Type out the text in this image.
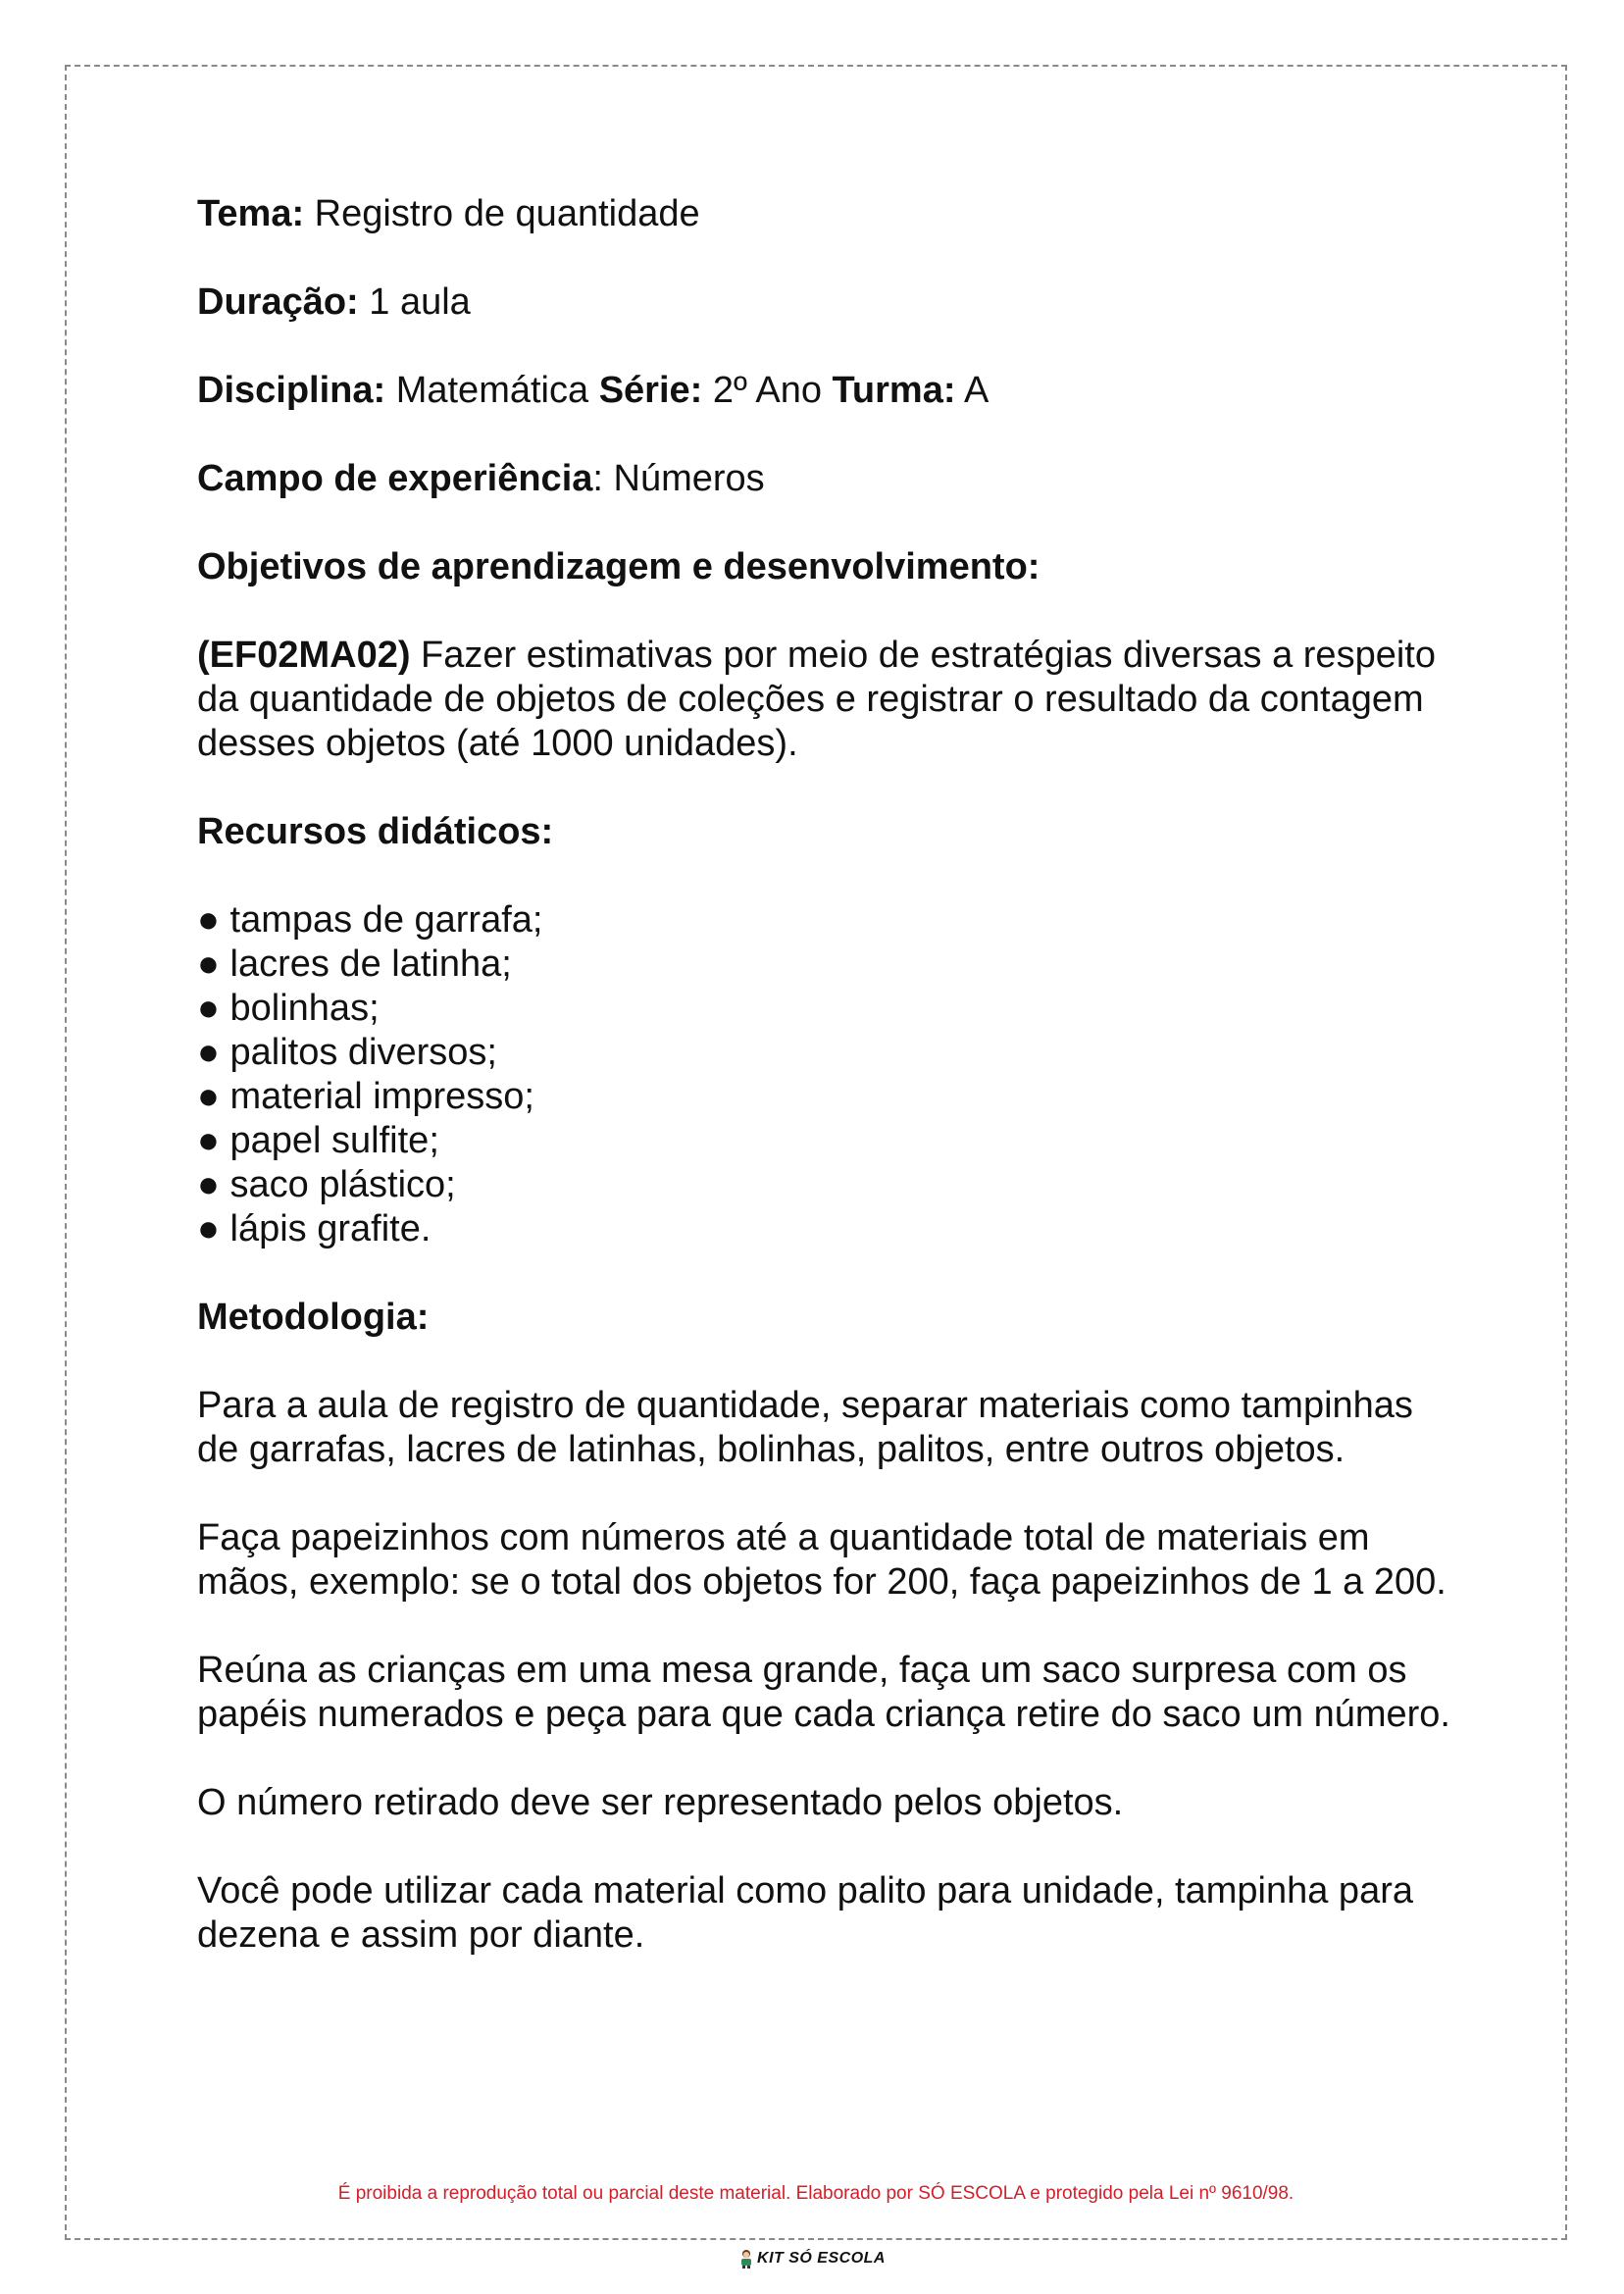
Tema: Registro de quantidade

Duração: 1 aula

Disciplina: Matemática Série: 2º Ano Turma: A

Campo de experiência: Números

Objetivos de aprendizagem e desenvolvimento:

(EF02MA02) Fazer estimativas por meio de estratégias diversas a respeito da quantidade de objetos de coleções e registrar o resultado da contagem desses objetos (até 1000 unidades).

Recursos didáticos:

● tampas de garrafa;
● lacres de latinha;
● bolinhas;
● palitos diversos;
● material impresso;
● papel sulfite;
● saco plástico;
● lápis grafite.

Metodologia:

Para a aula de registro de quantidade, separar materiais como tampinhas de garrafas, lacres de latinhas, bolinhas, palitos, entre outros objetos.

Faça papeizinhos com números até a quantidade total de materiais em mãos, exemplo: se o total dos objetos for 200, faça papeizinhos de 1 a 200.

Reúna as crianças em uma mesa grande, faça um saco surpresa com os papéis numerados e peça para que cada criança retire do saco um número.

O número retirado deve ser representado pelos objetos.

Você pode utilizar cada material como palito para unidade, tampinha para dezena e assim por diante.

É proibida a reprodução total ou parcial deste material. Elaborado por SÓ ESCOLA e protegido pela Lei nº 9610/98.
KIT SÓ ESCOLA
